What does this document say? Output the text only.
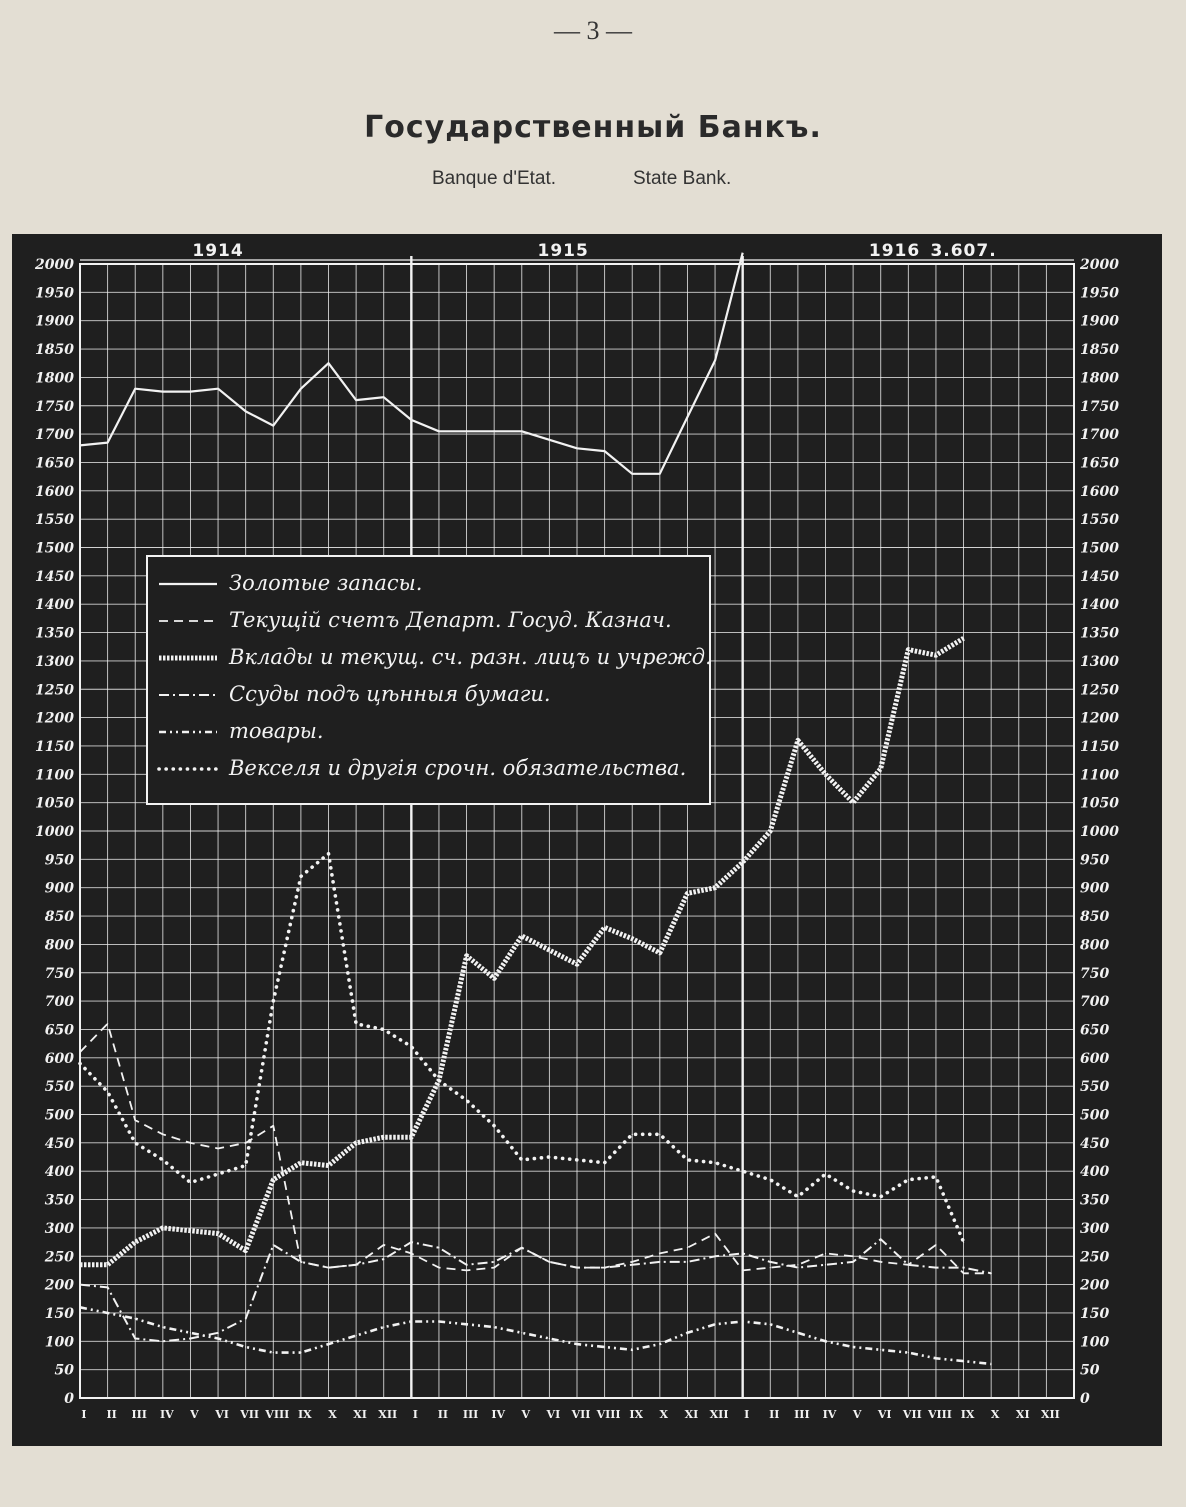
— 3 —
Государственный Банкъ.
Banque d'Etat.	State Bank.
0	0
50	50
100	100
150	150
200	200
250	250
300	300
350	350
400	400
450	450
500	500
550	550
600	600
650	650
700	700
750	750
800	800
850	850
900	900
950	950
1000	1000
1050	1050
1100	1100
1150	1150
1200	1200
1250	1250
1300	1300
1350	1350
1400	1400
1450	1450
1500	1500
1550	1550
1600	1600
1650	1650
1700	1700
1750	1750
1800	1800
1850	1850
1900	1900
1950	1950
2000	2000
I II III IV V VI VII VIII IX X XI XII I II III IV V VI VII VIII IX X XI XII I II III IV V VI VII VIII IX X XI XII
1914	1915	1916 3.607.
Золотые запасы.
Текущій счетъ Департ. Госуд. Казнач.
Вклады и текущ. сч. разн. лицъ и учрежд.
Ссуды подъ цѣнныя бумаги.
товары.
Векселя и другія срочн. обязательства.
